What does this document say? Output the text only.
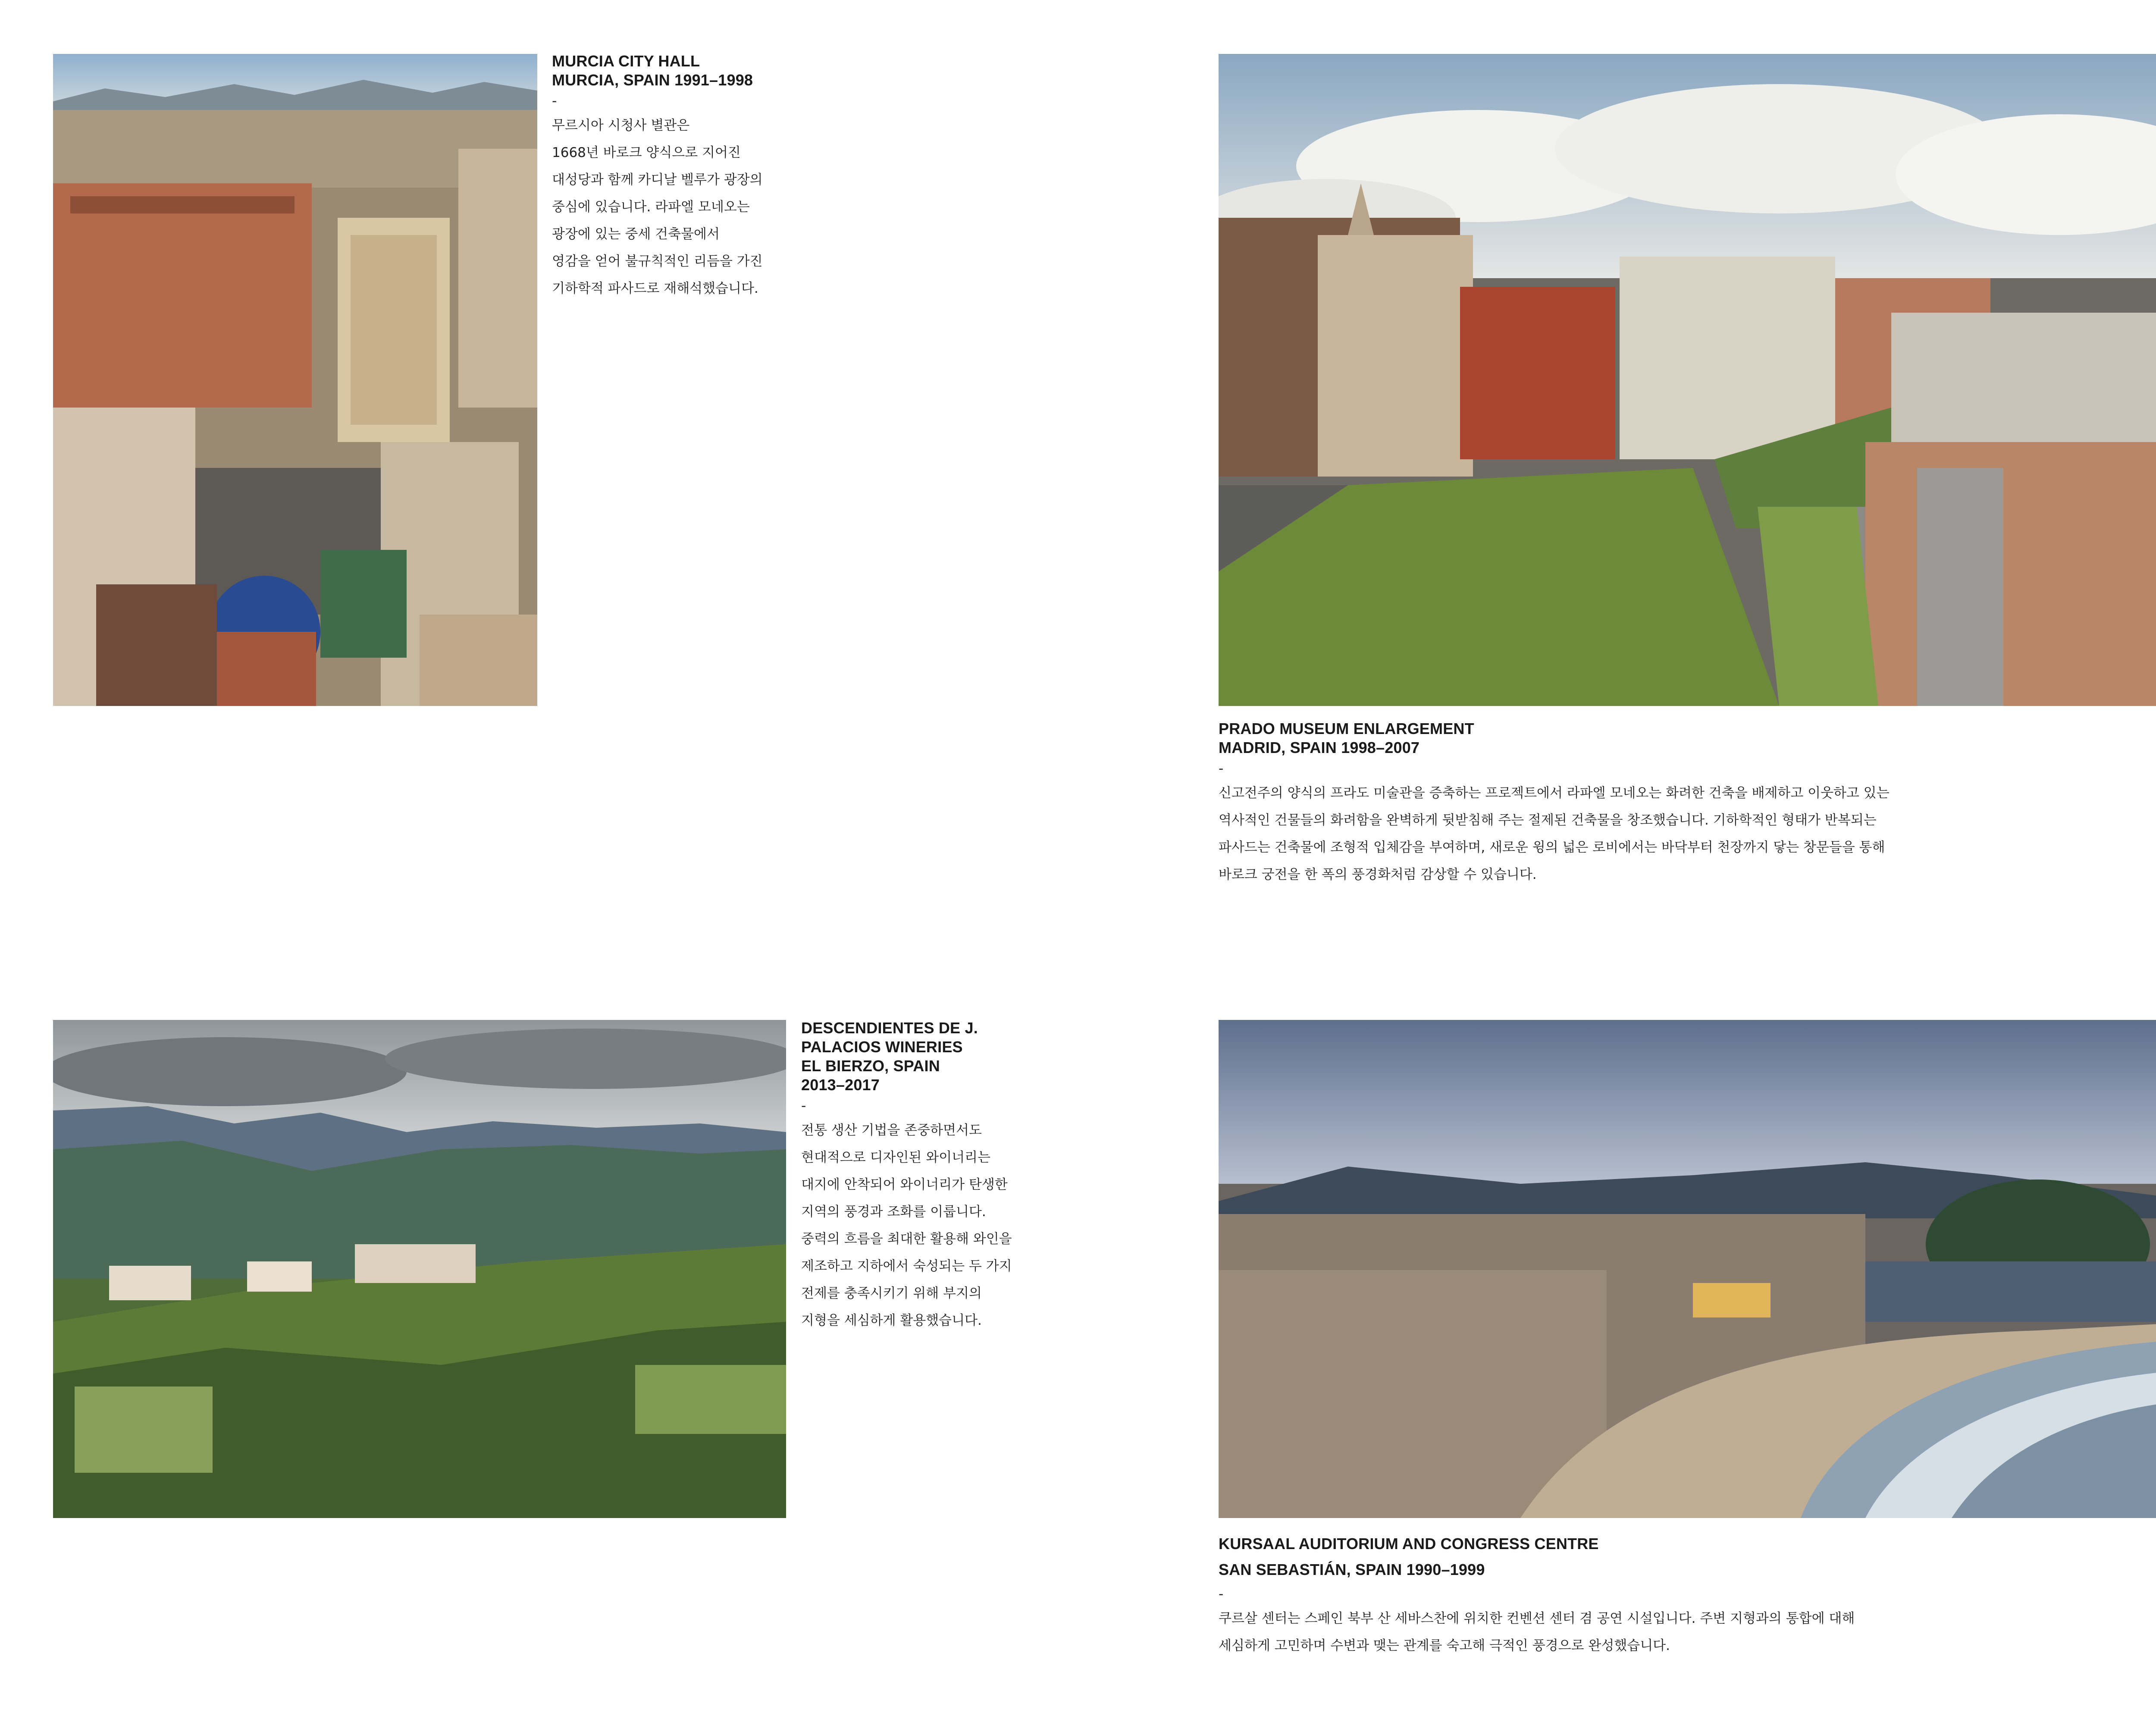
MURCIA CITY HALL

MURCIA, SPAIN 1991–1998

-

무르시아 시청사 별관은
1668년 바로크 양식으로 지어진
대성당과 함께 카디날 벨루가 광장의
중심에 있습니다. 라파엘 모네오는
광장에 있는 중세 건축물에서
영감을 얻어 불규칙적인 리듬을 가진
기하학적 파사드로 재해석했습니다.

PRADO MUSEUM ENLARGEMENT

MADRID, SPAIN 1998–2007

-

신고전주의 양식의 프라도 미술관을 증축하는 프로젝트에서 라파엘 모네오는 화려한 건축을 배제하고 이웃하고 있는
역사적인 건물들의 화려함을 완벽하게 뒷받침해 주는 절제된 건축물을 창조했습니다. 기하학적인 형태가 반복되는
파사드는 건축물에 조형적 입체감을 부여하며, 새로운 윙의 넓은 로비에서는 바닥부터 천장까지 닿는 창문들을 통해
바로크 궁전을 한 폭의 풍경화처럼 감상할 수 있습니다.

DESCENDIENTES DE J.

PALACIOS WINERIES

EL BIERZO, SPAIN

2013–2017

-

전통 생산 기법을 존중하면서도
현대적으로 디자인된 와이너리는
대지에 안착되어 와이너리가 탄생한
지역의 풍경과 조화를 이룹니다.
중력의 흐름을 최대한 활용해 와인을
제조하고 지하에서 숙성되는 두 가지
전제를 충족시키기 위해 부지의
지형을 세심하게 활용했습니다.

KURSAAL AUDITORIUM AND CONGRESS CENTRE

SAN SEBASTIÁN, SPAIN 1990–1999

-

쿠르살 센터는 스페인 북부 산 세바스찬에 위치한 컨벤션 센터 겸 공연 시설입니다. 주변 지형과의 통합에 대해
세심하게 고민하며 수변과 맺는 관계를 숙고해 극적인 풍경으로 완성했습니다.
